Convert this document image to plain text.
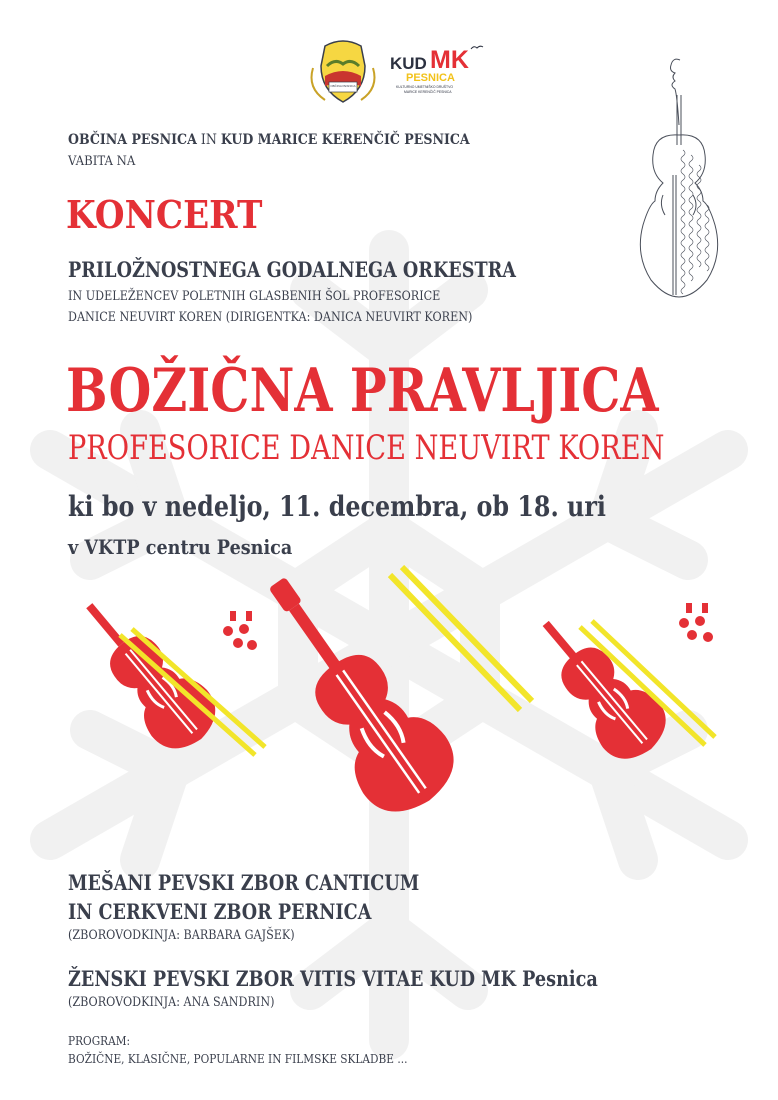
OBČINA PESNICA
KUD MK
PESNICA
KULTURNO UMETNIŠKO DRUŠTVO
MARICE KERENČIČ PESNICA
OBČINA PESNICA IN KUD MARICE KERENČIČ PESNICA
VABITA NA
KONCERT
PRILOŽNOSTNEGA GODALNEGA ORKESTRA
IN UDELEŽENCEV POLETNIH GLASBENIH ŠOL PROFESORICE
DANICE NEUVIRT KOREN (DIRIGENTKA: DANICA NEUVIRT KOREN)
BOŽIČNA PRAVLJICA
PROFESORICE DANICE NEUVIRT KOREN
ki bo v nedeljo, 11. decembra, ob 18. uri
v VKTP centru Pesnica
MEŠANI PEVSKI ZBOR CANTICUM
IN CERKVENI ZBOR PERNICA
(ZBOROVODKINJA: BARBARA GAJŠEK)
ŽENSKI PEVSKI ZBOR VITIS VITAE KUD MK Pesnica
(ZBOROVODKINJA: ANA SANDRIN)
PROGRAM:
BOŽIČNE, KLASIČNE, POPULARNE IN FILMSKE SKLADBE ...
